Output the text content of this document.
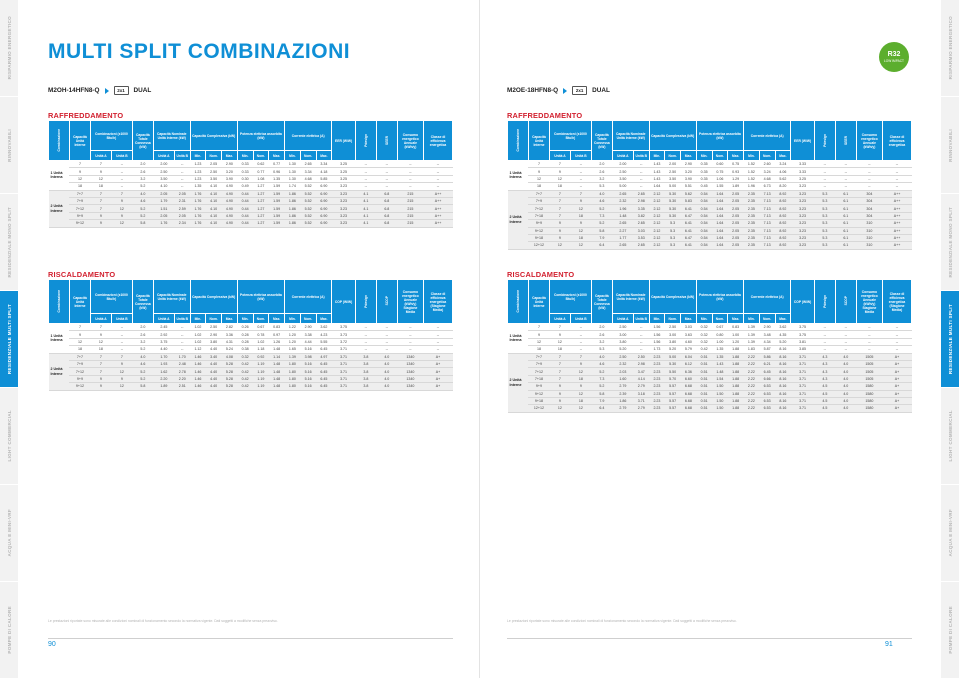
RISPARMIO ENERGETICO
RINNOVABILI
RESIDENZIALE MONO SPLIT
RESIDENZIALE MULTI SPLIT
LIGHT COMMERCIAL
ACQUA E MINI-VRF
POMPE DI CALORE
MULTI SPLIT COMBINAZIONI
M2OH-14HFN8-Q	2x1	DUAL
RAFFREDDAMENTO
Combinazione	Capacità Unità Interne	Combinazioni (x1000 Btu/h)		Capacità Totale Connessa (kW)	Capacità Nominale Unità Interne (kW)		Capacità Complessiva (kW)			Potenza elettrica assorbita (kW)			Corrente elettrica (A)			EER (W/W)	Pdesign	SEER	Consumo energetico Annuale (kWh/y)	Classe di efficienza energetica
		Unità A	Unità B		Unità A	Unità B	Min.	Nom.	Max.	Min.	Nom.	Max.	Min.	Nom.	Max.					
1 Unità Interna	7	7	--	2.0	2.00	--	1.23	2.05	2.90	0.33	0.62	0.77	1.30	2.65	3.34	3.25	--	--	--	--
	9	9	--	2.6	2.50	--	1.23	2.50	3.20	0.33	0.77	0.96	1.30	3.34	4.18	3.25	--	--	--	--
	12	12	--	3.2	3.50	--	1.23	3.50	3.90	0.30	1.08	1.35	1.30	4.68	5.85	3.25	--	--	--	--
	18	18	--	5.2	4.10	--	1.35	4.10	4.90	0.49	1.27	1.59	1.74	5.52	6.90	3.23	--	--	--	--
2 Unità Interne	7+7	7	7	4.0	2.05	2.05	1.76	4.10	4.90	0.44	1.27	1.59	1.86	5.52	6.90	3.23	4.1	6.8	215	A++
	7+9	7	9	4.6	1.79	2.31	1.76	4.10	4.90	0.44	1.27	1.59	1.86	5.52	6.90	3.23	4.1	6.8	215	A++
	7+12	7	12	5.2	1.51	2.59	1.76	4.10	4.90	0.44	1.27	1.59	1.86	5.52	6.90	3.23	4.1	6.8	215	A++
	9+9	9	9	5.2	2.05	2.05	1.76	4.10	4.90	0.44	1.27	1.59	1.86	5.52	6.90	3.23	4.1	6.8	215	A++
	9+12	9	12	5.8	1.76	2.34	1.76	4.10	4.90	0.44	1.27	1.59	1.86	5.52	6.90	3.23	4.1	6.8	215	A++
RISCALDAMENTO
Combinazione	Capacità Unità Interne	Combinazioni (x1000 Btu/h)		Capacità Totale Connessa (kW)	Capacità Nominale Unità Interne (kW)		Capacità Complessiva (kW)			Potenza elettrica assorbita (kW)			Corrente elettrica (A)			COP (W/W)	Pdesign	SCOP	Consumo energetico Annuale (kWh/y) Stagione Media	Classe di efficienza energetica (Stagione Media)
		Unità A	Unità B		Unità A	Unità B	Min.	Nom.	Max.	Min.	Nom.	Max.	Min.	Nom.	Max.					
1 Unità Interna	7	7	--	2.0	2.45	--	1.02	2.50	2.82	0.26	0.67	0.83	1.22	2.90	3.62	3.75	--	--	--	--
	9	9	--	2.6	2.92	--	1.02	2.90	3.36	0.28	0.78	0.97	1.20	3.38	4.23	3.73	--	--	--	--
	12	12	--	3.2	3.75	--	1.02	3.80	4.31	0.28	1.02	1.26	1.20	4.44	5.55	3.72	--	--	--	--
	18	18	--	5.2	4.40	--	1.12	4.40	5.24	0.38	1.18	1.48	1.65	5.16	6.45	3.71	--	--	--	--
2 Unità Interne	7+7	7	7	4.0	1.70	1.70	1.46	3.40	4.08	0.32	0.92	1.14	1.39	3.98	4.97	3.71	3.8	4.0	1340	A+
	7+9	7	9	4.6	1.93	2.48	1.46	4.40	5.28	0.42	1.19	1.48	1.80	5.16	6.45	3.71	3.8	4.0	1340	A+
	7+12	7	12	5.2	1.62	2.78	1.46	4.40	5.28	0.42	1.19	1.48	1.80	5.16	6.45	3.71	3.8	4.0	1340	A+
	9+9	9	9	5.2	2.20	2.20	1.46	4.40	5.28	0.42	1.19	1.48	1.80	5.16	6.45	3.71	3.8	4.0	1340	A+
	9+12	9	12	5.8	1.89	2.51	1.46	4.40	5.28	0.42	1.19	1.48	1.80	5.16	6.45	3.71	3.8	4.0	1340	A+
Le prestazioni riportate sono misurate alle condizioni nominali di funzionamento secondo la normativa vigente. Dati soggetti a modifiche senza preavviso.
90
RISPARMIO ENERGETICO
RINNOVABILI
RESIDENZIALE MONO SPLIT
RESIDENZIALE MULTI SPLIT
LIGHT COMMERCIAL
ACQUA E MINI-VRF
POMPE DI CALORE
R32
LOW IMPACT
M2OE-18HFN8-Q	2x1	DUAL
RAFFREDDAMENTO
Combinazione	Capacità Unità Interne	Combinazioni (x1000 Btu/h)		Capacità Totale Connessa (kW)	Capacità Nominale Unità Interne (kW)		Capacità Complessiva (kW)			Potenza elettrica assorbita (kW)			Corrente elettrica (A)			EER (W/W)	Pdesign	SEER	Consumo energetico Annuale (kWh/y)	Classe di efficienza energetica
		Unità A	Unità B		Unità A	Unità B	Min.	Nom.	Max.	Min.	Nom.	Max.	Min.	Nom.	Max.					
1 Unità Interna	7	7	--	2.0	2.00	--	1.43	2.00	2.90	0.35	0.60	0.75	1.52	2.60	3.24	3.33	--	--	--	--
	9	9	--	2.6	2.50	--	1.43	2.50	3.20	0.35	0.75	0.93	1.52	3.24	4.06	3.33	--	--	--	--
	12	12	--	3.2	3.50	--	1.43	3.50	3.90	0.35	1.06	1.29	1.52	4.68	5.62	3.25	--	--	--	--
	18	18	--	5.3	5.00	--	1.64	5.00	5.51	0.45	1.55	1.89	1.96	6.73	8.20	3.23	--	--	--	--
2 Unità Interne	7+7	7	7	4.0	2.65	2.65	2.12	5.30	5.62	0.54	1.64	2.05	2.35	7.13	8.92	3.23	5.3	6.1	304	A++
	7+9	7	9	4.6	2.32	2.98	2.12	5.30	5.83	0.54	1.64	2.05	2.35	7.13	8.92	3.23	5.3	6.1	304	A++
	7+12	7	12	5.2	1.96	3.35	2.12	5.30	6.41	0.54	1.64	2.05	2.35	7.13	8.92	3.23	5.3	6.1	304	A++
	7+18	7	18	7.3	1.48	3.82	2.12	5.30	6.47	0.54	1.64	2.05	2.35	7.13	8.92	3.23	5.3	6.1	304	A++
	9+9	9	9	5.2	2.65	2.65	2.12	5.3	6.41	0.54	1.64	2.05	2.35	7.13	8.92	3.23	5.3	6.1	310	A++
	9+12	9	12	5.8	2.27	3.03	2.12	5.3	6.41	0.54	1.64	2.05	2.35	7.13	8.92	3.23	5.3	6.1	310	A++
	9+18	9	18	7.9	1.77	3.53	2.12	5.3	6.47	0.54	1.64	2.05	2.35	7.13	8.92	3.23	5.3	6.1	310	A++
	12+12	12	12	6.4	2.65	2.65	2.12	5.3	6.41	0.54	1.64	2.05	2.35	7.13	8.92	3.23	5.3	6.1	310	A++
RISCALDAMENTO
Combinazione	Capacità Unità Interne	Combinazioni (x1000 Btu/h)		Capacità Totale Connessa (kW)	Capacità Nominale Unità Interne (kW)		Capacità Complessiva (kW)			Potenza elettrica assorbita (kW)			Corrente elettrica (A)			COP (W/W)	Pdesign	SCOP	Consumo energetico Annuale (kWh/y) Stagione Media	Classe di efficienza energetica (Stagione Media)
		Unità A	Unità B		Unità A	Unità B	Min.	Nom.	Max.	Min.	Nom.	Max.	Min.	Nom.	Max.					
1 Unità Interna	7	7	--	2.0	2.50	--	1.56	2.50	3.03	0.32	0.67	0.83	1.39	2.90	3.62	3.75	--	--	--	--
	9	9	--	2.6	3.00	--	1.56	3.00	3.63	0.32	0.80	1.00	1.39	3.48	4.35	3.75	--	--	--	--
	12	12	--	3.2	3.80	--	1.56	3.80	4.60	0.32	1.00	1.20	1.39	4.34	5.20	3.81	--	--	--	--
	18	18	--	5.3	5.20	--	1.73	5.20	5.79	0.42	1.35	1.88	1.83	5.87	8.16	3.85	--	--	--	--
2 Unità Interne	7+7	7	7	4.0	2.50	2.50	2.23	5.00	6.04	0.51	1.35	1.88	2.22	5.86	8.16	3.71	4.3	4.0	1505	A+
	7+9	7	9	4.6	2.32	2.98	2.23	5.30	6.12	0.51	1.43	1.88	2.22	6.21	8.16	3.71	4.3	4.0	1505	A+
	7+12	7	12	5.2	2.03	3.47	2.23	5.50	6.36	0.51	1.48	1.88	2.22	6.45	8.16	3.71	4.3	4.0	1505	A+
	7+18	7	18	7.3	1.60	4.14	2.23	5.70	6.60	0.51	1.54	1.88	2.22	6.66	8.16	3.71	4.3	4.0	1505	A+
	9+9	9	9	5.2	2.79	2.79	2.23	5.57	6.68	0.51	1.50	1.88	2.22	6.53	8.16	3.71	4.5	4.0	1580	A+
	9+12	9	12	5.8	2.39	3.18	2.23	5.57	6.68	0.51	1.50	1.88	2.22	6.53	8.16	3.71	4.5	4.0	1580	A+
	9+18	9	18	7.9	1.86	3.71	2.23	5.57	6.68	0.51	1.50	1.88	2.22	6.53	8.16	3.71	4.5	4.0	1580	A+
	12+12	12	12	6.4	2.79	2.79	2.23	5.57	6.68	0.51	1.50	1.88	2.22	6.53	8.16	3.71	4.5	4.0	1580	A+
Le prestazioni riportate sono misurate alle condizioni nominali di funzionamento secondo la normativa vigente. Dati soggetti a modifiche senza preavviso.
91
